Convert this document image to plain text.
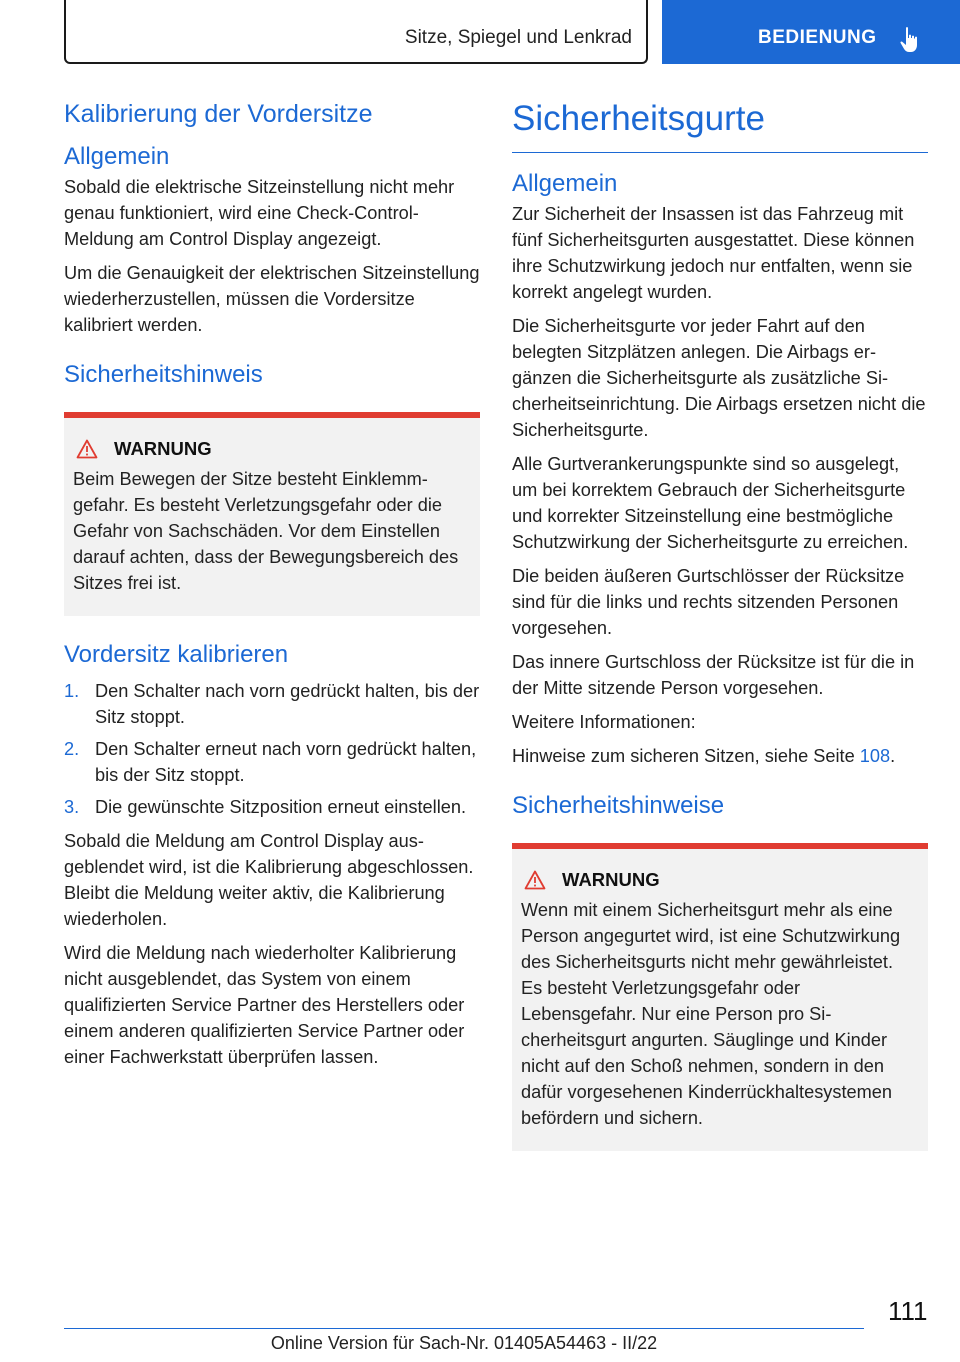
Sitze, Spiegel und Lenkrad	BEDIENUNG
Kalibrierung der Vordersitze
Allgemein

Sobald die elektrische Sitzeinstellung nicht mehr genau funktioniert, wird eine Check-Control-Meldung am Control Display angezeigt.

Um die Genauigkeit der elektrischen Sitzeinstellung wiederherzustellen, müssen die Vordersitze kalibriert werden.

Sicherheitshinweis
WARNUNG

Beim Bewegen der Sitze besteht Einklemmgefahr. Es besteht Verletzungsgefahr oder die Gefahr von Sachschäden. Vor dem Einstellen darauf achten, dass der Bewegungsbereich des Sitzes frei ist.

Vordersitz kalibrieren
1. Den Schalter nach vorn gedrückt halten, bis der Sitz stoppt.
2. Den Schalter erneut nach vorn gedrückt halten, bis der Sitz stoppt.
3. Die gewünschte Sitzposition erneut einstellen.

Sobald die Meldung am Control Display ausgeblendet wird, ist die Kalibrierung abgeschlossen. Bleibt die Meldung weiter aktiv, die Kalibrierung wiederholen.

Wird die Meldung nach wiederholter Kalibrierung nicht ausgeblendet, das System von einem qualifizierten Service Partner des Herstellers oder einem anderen qualifizierten Service Partner oder einer Fachwerkstatt überprüfen lassen.

Sicherheitsgurte
Allgemein

Zur Sicherheit der Insassen ist das Fahrzeug mit fünf Sicherheitsgurten ausgestattet. Diese können ihre Schutzwirkung jedoch nur entfalten, wenn sie korrekt angelegt wurden.

Die Sicherheitsgurte vor jeder Fahrt auf den belegten Sitzplätzen anlegen. Die Airbags ergänzen die Sicherheitsgurte als zusätzliche Sicherheitseinrichtung. Die Airbags ersetzen nicht die Sicherheitsgurte.

Alle Gurtverankerungspunkte sind so ausgelegt, um bei korrektem Gebrauch der Sicherheitsgurte und korrekter Sitzeinstellung eine bestmögliche Schutzwirkung der Sicherheitsgurte zu erreichen.

Die beiden äußeren Gurtschlösser der Rücksitze sind für die links und rechts sitzenden Personen vorgesehen.

Das innere Gurtschloss der Rücksitze ist für die in der Mitte sitzende Person vorgesehen.

Weitere Informationen:

Hinweise zum sicheren Sitzen, siehe Seite 108.

Sicherheitshinweise
WARNUNG

Wenn mit einem Sicherheitsgurt mehr als eine Person angegurtet wird, ist eine Schutzwirkung des Sicherheitsgurts nicht mehr gewährleistet. Es besteht Verletzungsgefahr oder Lebensgefahr. Nur eine Person pro Sicherheitsgurt angurten. Säuglinge und Kinder nicht auf den Schoß nehmen, sondern in den dafür vorgesehenen Kinderrückhaltesystemen befördern und sichern.

111
Online Version für Sach-Nr. 01405A54463 - II/22
